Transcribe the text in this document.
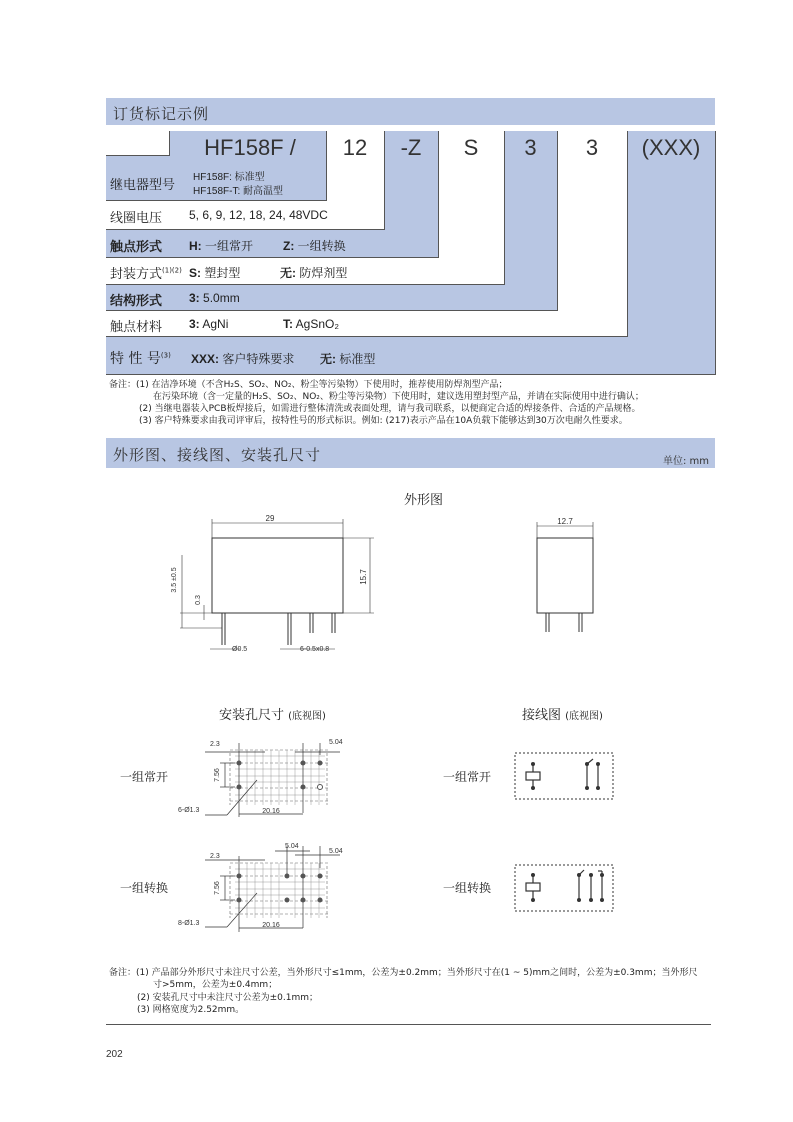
订货标记示例
HF158F /	12	-Z	S	3	3	(XXX)
继电器型号
HF158F: 标准型
HF158F-T: 耐高温型
线圈电压 5, 6, 9, 12, 18, 24, 48VDC
触点形式 H: 一组常开 Z: 一组转换
封装方式$^{(1)(2)}$ S: 塑封型	无: 防焊剂型
结构形式 3: 5.0mm
触点材料 3: AgNi	T: AgSnO₂
特 性 号$^{(3)}$ XXX: 客户特殊要求 无: 标准型
备注：(1) 在洁净环境（不含H₂S、SO₂、NO₂、粉尘等污染物）下使用时，推荐使用防焊剂型产品；
在污染环境（含一定量的H₂S、SO₂、NO₂、粉尘等污染物）下使用时，建议选用塑封型产品，并请在实际使用中进行确认；
(2) 当继电器装入PCB板焊接后，如需进行整体清洗或表面处理，请与我司联系，以便商定合适的焊接条件、合适的产品规格。
(3) 客户特殊要求由我司评审后，按特性号的形式标识。例如: (217)表示产品在10A负载下能够达到30万次电耐久性要求。
外形图、接线图、安装孔尺寸	单位: mm
外形图
29
15.7
3.5 ±0.5
0.3
Ø0.5	6-0.5x0.8
12.7
安装孔尺寸 (底视图)	接线图 (底视图)
一组常开
一组转换
一组常开
一组转换
2.3	5.04
7.56
20.16
6-Ø1.3
2.3
5.04
5.04
7.56
20.16
8-Ø1.3
备注：(1) 产品部分外形尺寸未注尺寸公差，当外形尺寸≤1mm，公差为±0.2mm；当外形尺寸在(1 ~ 5)mm之间时，公差为±0.3mm；当外形尺
寸>5mm，公差为±0.4mm；
(2) 安装孔尺寸中未注尺寸公差为±0.1mm；
(3) 网格宽度为2.52mm。
202
